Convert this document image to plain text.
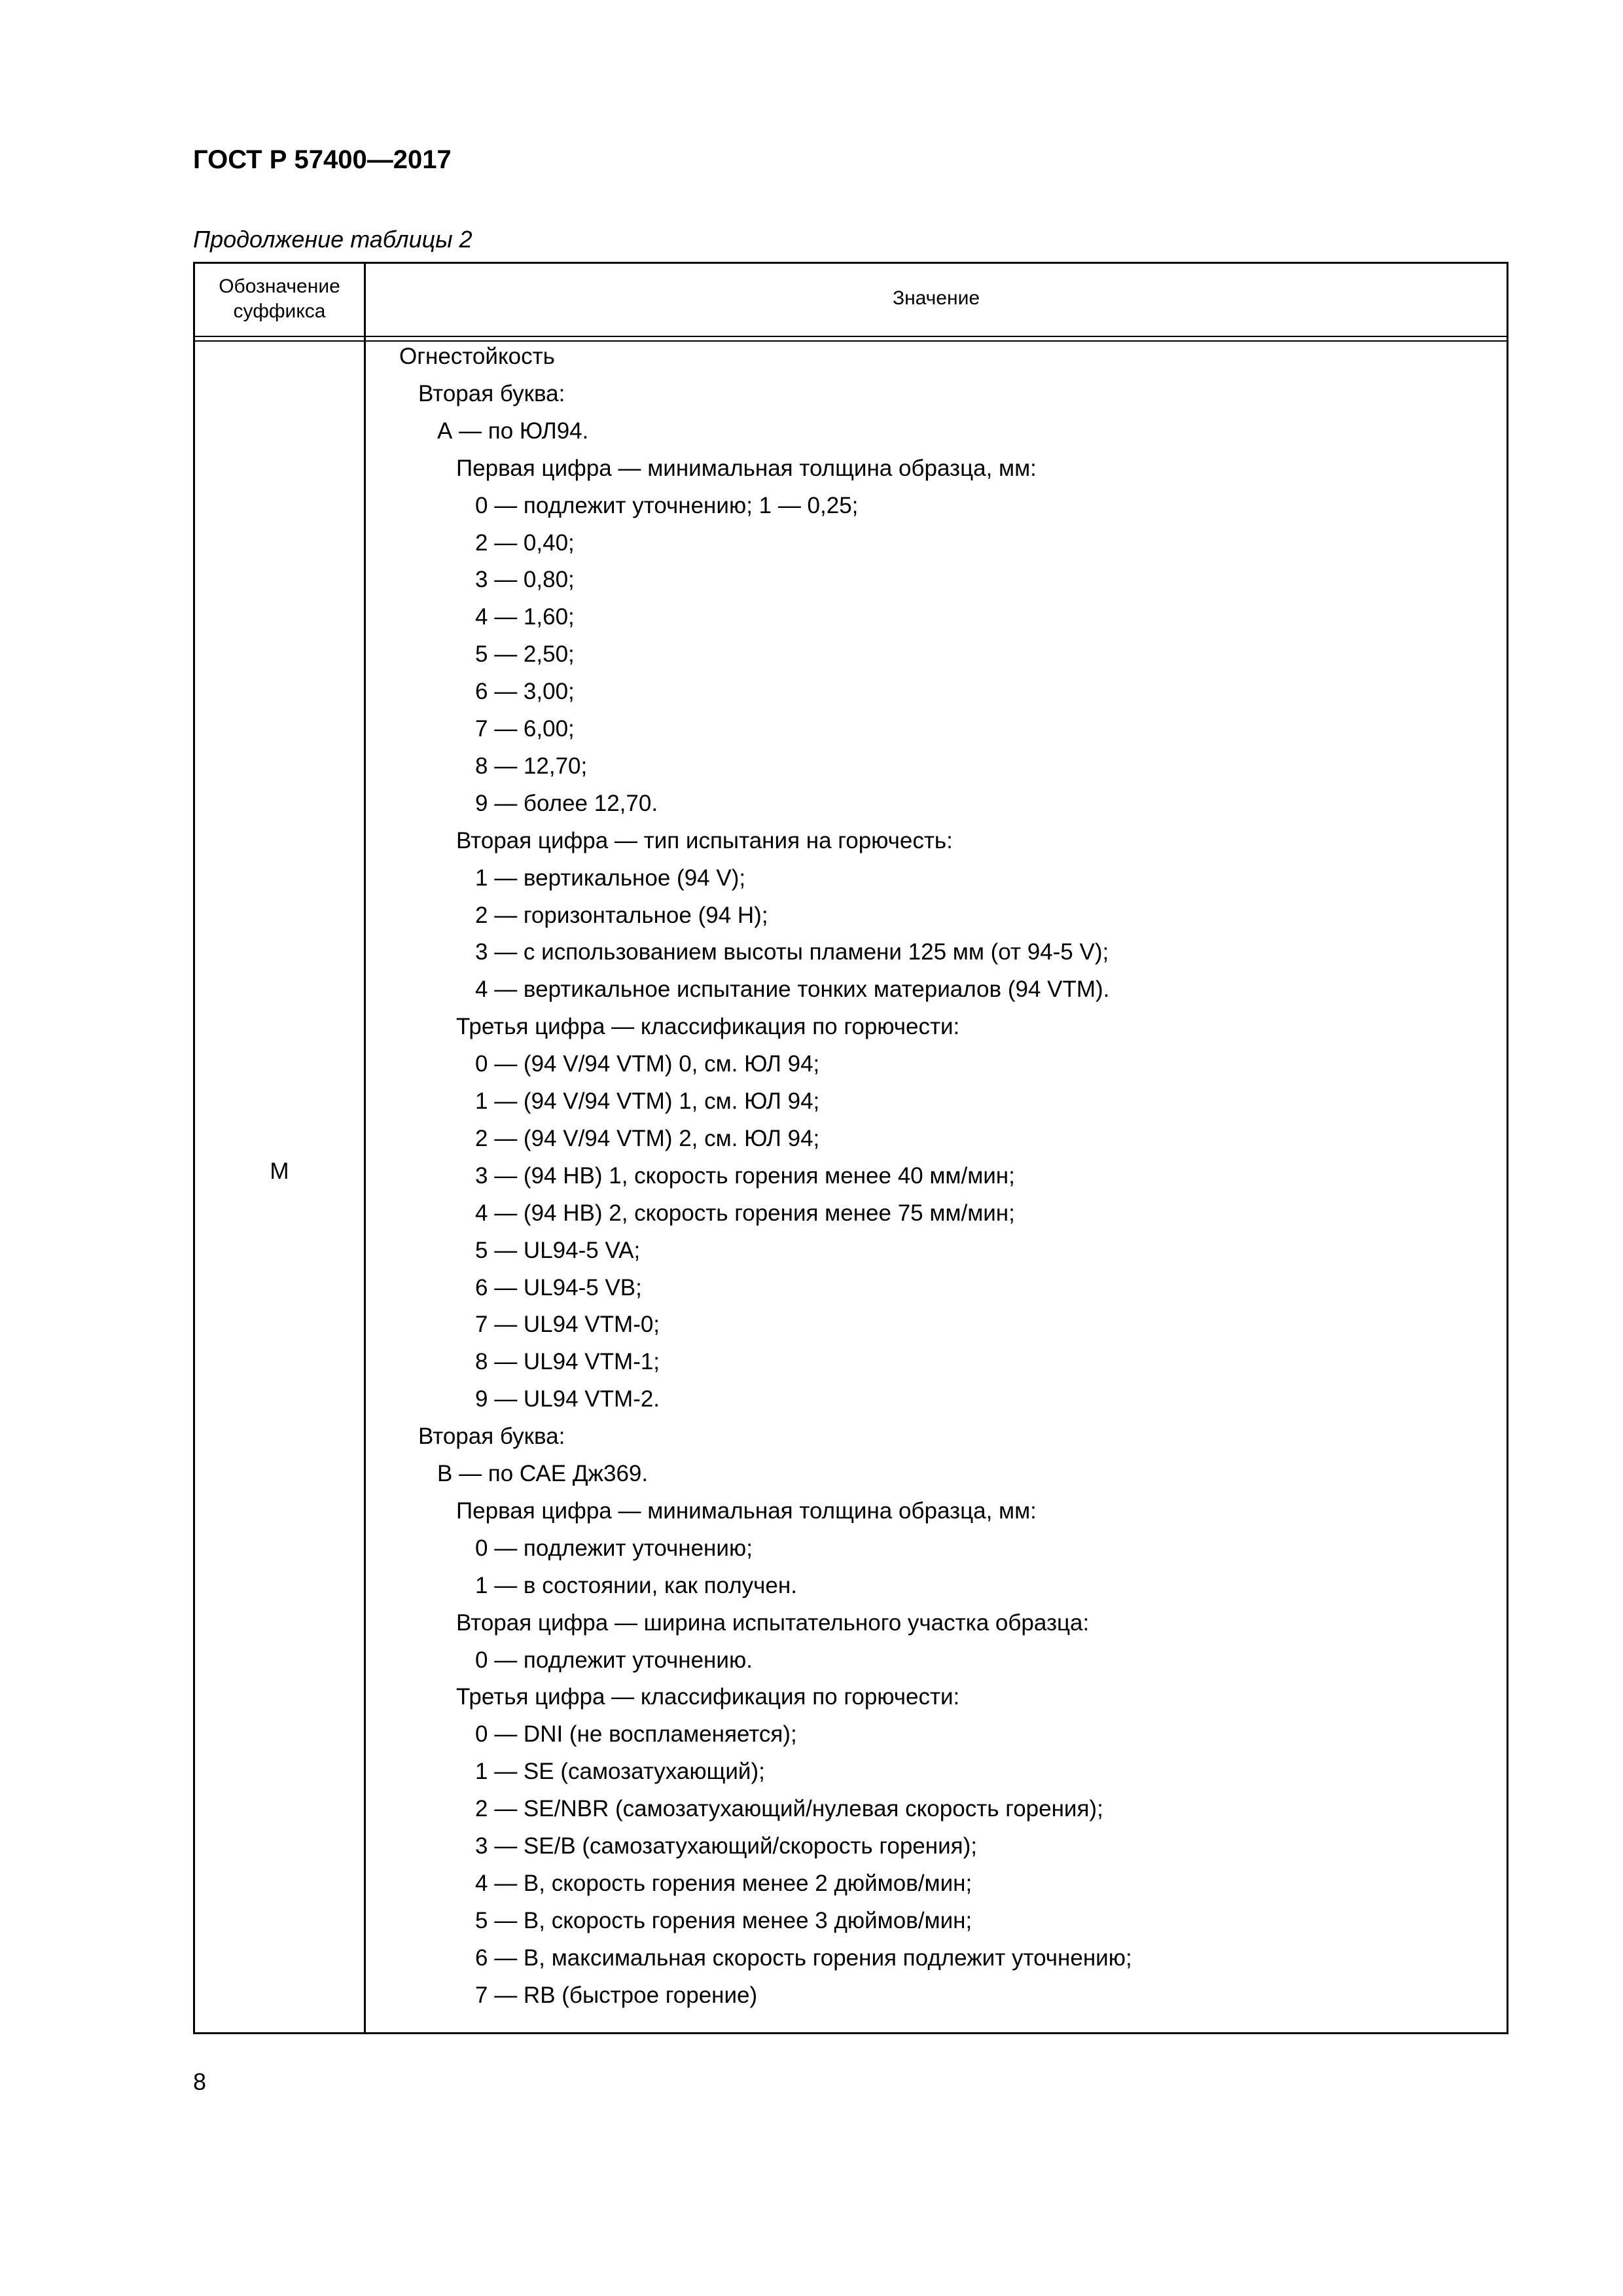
ГОСТ Р 57400—2017
Продолжение таблицы 2
Обозначение
суффикса
Значение
M
Огнестойкость
Вторая буква:
А — по ЮЛ94.
Первая цифра — минимальная толщина образца, мм:
0 — подлежит уточнению; 1 — 0,25;
2 — 0,40;
3 — 0,80;
4 — 1,60;
5 — 2,50;
6 — 3,00;
7 — 6,00;
8 — 12,70;
9 — более 12,70.
Вторая цифра — тип испытания на горючесть:
1 — вертикальное (94 V);
2 — горизонтальное (94 H);
3 — с использованием высоты пламени 125 мм (от 94-5 V);
4 — вертикальное испытание тонких материалов (94 VTM).
Третья цифра — классификация по горючести:
0 — (94 V/94 VTM) 0, см. ЮЛ 94;
1 — (94 V/94 VTM) 1, см. ЮЛ 94;
2 — (94 V/94 VTM) 2, см. ЮЛ 94;
3 — (94 HB) 1, скорость горения менее 40 мм/мин;
4 — (94 HB) 2, скорость горения менее 75 мм/мин;
5 — UL94-5 VA;
6 — UL94-5 VB;
7 — UL94 VTM-0;
8 — UL94 VTM-1;
9 — UL94 VTM-2.
Вторая буква:
В — по САЕ Дж369.
Первая цифра — минимальная толщина образца, мм:
0 — подлежит уточнению;
1 — в состоянии, как получен.
Вторая цифра — ширина испытательного участка образца:
0 — подлежит уточнению.
Третья цифра — классификация по горючести:
0 — DNI (не воспламеняется);
1 — SE (самозатухающий);
2 — SE/NBR (самозатухающий/нулевая скорость горения);
3 — SE/B (самозатухающий/скорость горения);
4 — B, скорость горения менее 2 дюймов/мин;
5 — B, скорость горения менее 3 дюймов/мин;
6 — B, максимальная скорость горения подлежит уточнению;
7 — RB (быстрое горение)
8
